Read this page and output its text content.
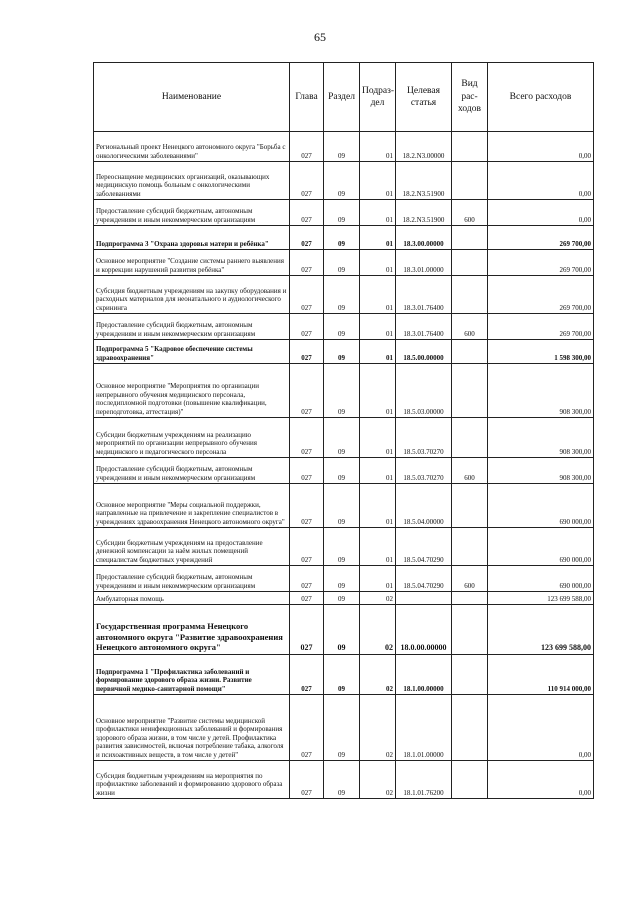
65
Наименование	Глава	Раздел	Подраз-дел	Целевая статья	Вид рас-ходов	Всего расходов
Региональный проект Ненецкого автономного округа "Борьба с онкологическими заболеваниями"	027	09	01	18.2.N3.00000		0,00
Переоснащение медицинских организаций, оказывающих медицинскую помощь больным с онкологическими заболеваниями	027	09	01	18.2.N3.51900		0,00
Предоставление субсидий бюджетным, автономным учреждениям и иным некоммерческим организациям	027	09	01	18.2.N3.51900	600	0,00
Подпрограмма 3 "Охрана здоровья матери и ребёнка"	027	09	01	18.3.00.00000		269 700,00
Основное мероприятие "Создание системы раннего выявления и коррекции нарушений развития ребёнка"	027	09	01	18.3.01.00000		269 700,00
Субсидия бюджетным учреждениям на закупку оборудования и расходных материалов для неонатального и аудиологического скрининга	027	09	01	18.3.01.76400		269 700,00
Предоставление субсидий бюджетным, автономным учреждениям и иным некоммерческим организациям	027	09	01	18.3.01.76400	600	269 700,00
Подпрограмма 5 "Кадровое обеспечение системы здравоохранения"	027	09	01	18.5.00.00000		1 598 300,00
Основное мероприятие "Мероприятия по организации непрерывного обучения медицинского персонала, последипломной подготовки (повышение квалификации, переподготовка, аттестация)"	027	09	01	18.5.03.00000		908 300,00
Субсидии бюджетным учреждениям на реализацию мероприятий по организации непрерывного обучения медицинского и педагогического персонала	027	09	01	18.5.03.70270		908 300,00
Предоставление субсидий бюджетным, автономным учреждениям и иным некоммерческим организациям	027	09	01	18.5.03.70270	600	908 300,00
Основное мероприятие "Меры социальной поддержки, направленные на привлечение и закрепление специалистов в учреждениях здравоохранения Ненецкого автономного округа"	027	09	01	18.5.04.00000		690 000,00
Субсидии бюджетным учреждениям на предоставление денежной компенсации за наём жилых помещений специалистам бюджетных учреждений	027	09	01	18.5.04.70290		690 000,00
Предоставление субсидий бюджетным, автономным учреждениям и иным некоммерческим организациям	027	09	01	18.5.04.70290	600	690 000,00
Амбулаторная помощь	027	09	02			123 699 588,00
Государственная программа Ненецкого автономного округа "Развитие здравоохранения Ненецкого автономного округа"	027	09	02	18.0.00.00000		123 699 588,00
Подпрограмма 1 "Профилактика заболеваний и формирование здорового образа жизни. Развитие первичной медико-санитарной помощи"	027	09	02	18.1.00.00000		110 914 000,00
Основное мероприятие "Развитие системы медицинской профилактики неинфекционных заболеваний и формирования здорового образа жизни, в том числе у детей. Профилактика развития зависимостей, включая потребление табака, алкоголя и психоактивных веществ, в том числе у детей"	027	09	02	18.1.01.00000		0,00
Субсидия бюджетным учреждениям на мероприятия по профилактике заболеваний и формированию здорового образа жизни	027	09	02	18.1.01.76200		0,00
